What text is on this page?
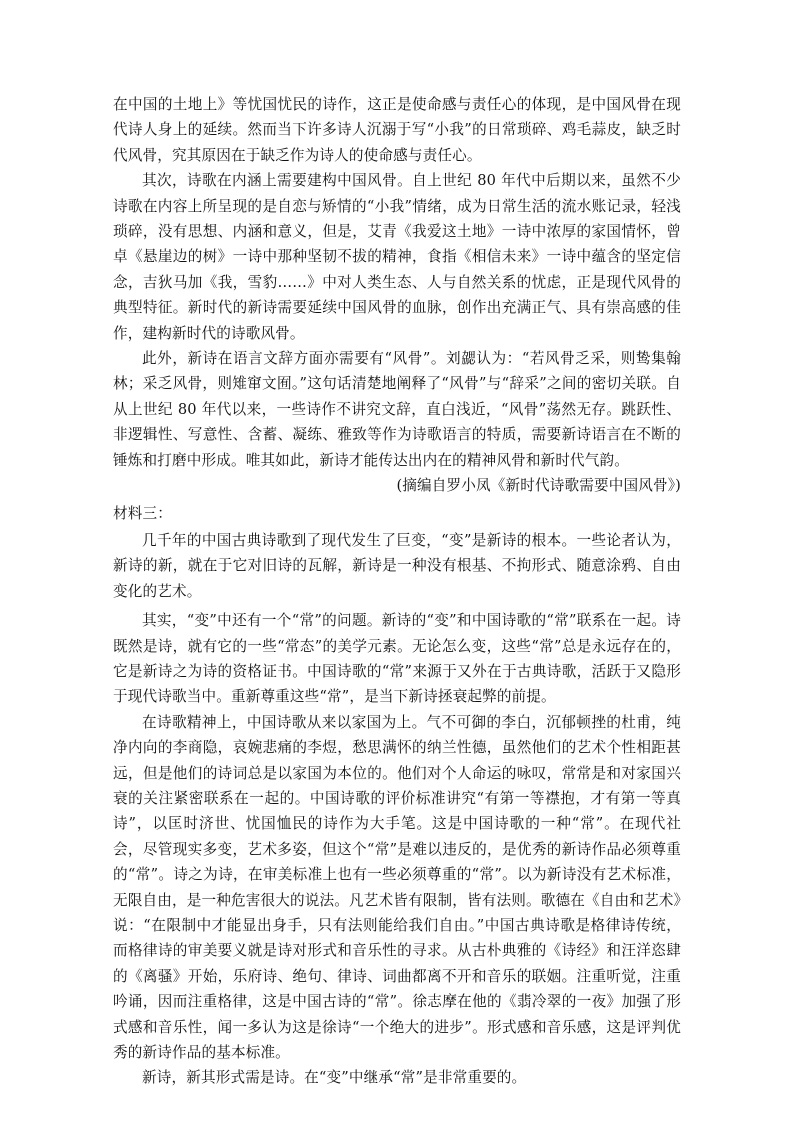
在中国的土地上》等忧国忧民的诗作，这正是使命感与责任心的体现，是中国风骨在现代诗人身上的延续。然而当下许多诗人沉溺于写“小我”的日常琐碎、鸡毛蒜皮，缺乏时代风骨，究其原因在于缺乏作为诗人的使命感与责任心。

其次，诗歌在内涵上需要建构中国风骨。自上世纪 80 年代中后期以来，虽然不少诗歌在内容上所呈现的是自恋与矫情的“小我”情绪，成为日常生活的流水账记录，轻浅琐碎，没有思想、内涵和意义，但是，艾青《我爱这土地》一诗中浓厚的家国情怀，曾卓《悬崖边的树》一诗中那种坚韧不拔的精神，食指《相信未来》一诗中蕴含的坚定信念，吉狄马加《我，雪豹……》中对人类生态、人与自然关系的忧虑，正是现代风骨的典型特征。新时代的新诗需要延续中国风骨的血脉，创作出充满正气、具有崇高感的佳作，建构新时代的诗歌风骨。

此外，新诗在语言文辞方面亦需要有“风骨”。刘勰认为：“若风骨乏采，则鸷集翰林；采乏风骨，则雉窜文囿。”这句话清楚地阐释了“风骨”与“辞采”之间的密切关联。自从上世纪 80 年代以来，一些诗作不讲究文辞，直白浅近，“风骨”荡然无存。跳跃性、非逻辑性、写意性、含蓄、凝练、雅致等作为诗歌语言的特质，需要新诗语言在不断的锤炼和打磨中形成。唯其如此，新诗才能传达出内在的精神风骨和新时代气韵。

(摘编自罗小凤《新时代诗歌需要中国风骨》)

材料三：

几千年的中国古典诗歌到了现代发生了巨变，“变”是新诗的根本。一些论者认为，新诗的新，就在于它对旧诗的瓦解，新诗是一种没有根基、不拘形式、随意涂鸦、自由变化的艺术。

其实，“变”中还有一个“常”的问题。新诗的“变”和中国诗歌的“常”联系在一起。诗既然是诗，就有它的一些“常态”的美学元素。无论怎么变，这些“常”总是永远存在的，它是新诗之为诗的资格证书。中国诗歌的“常”来源于又外在于古典诗歌，活跃于又隐形于现代诗歌当中。重新尊重这些“常”，是当下新诗拯衰起弊的前提。

在诗歌精神上，中国诗歌从来以家国为上。气不可御的李白，沉郁顿挫的杜甫，纯净内向的李商隐，哀婉悲痛的李煜，愁思满怀的纳兰性德，虽然他们的艺术个性相距甚远，但是他们的诗词总是以家国为本位的。他们对个人命运的咏叹，常常是和对家国兴衰的关注紧密联系在一起的。中国诗歌的评价标准讲究“有第一等襟抱，才有第一等真诗”，以匡时济世、忧国恤民的诗作为大手笔。这是中国诗歌的一种“常”。在现代社会，尽管现实多变，艺术多姿，但这个“常”是难以违反的，是优秀的新诗作品必须尊重的“常”。诗之为诗，在审美标准上也有一些必须尊重的“常”。以为新诗没有艺术标准，无限自由，是一种危害很大的说法。凡艺术皆有限制，皆有法则。歌德在《自由和艺术》说：“在限制中才能显出身手，只有法则能给我们自由。”中国古典诗歌是格律诗传统，而格律诗的审美要义就是诗对形式和音乐性的寻求。从古朴典雅的《诗经》和汪洋恣肆的《离骚》开始，乐府诗、绝句、律诗、词曲都离不开和音乐的联姻。注重听觉，注重吟诵，因而注重格律，这是中国古诗的“常”。徐志摩在他的《翡冷翠的一夜》加强了形式感和音乐性，闻一多认为这是徐诗“一个绝大的进步”。形式感和音乐感，这是评判优秀的新诗作品的基本标准。

新诗，新其形式需是诗。在“变”中继承“常”是非常重要的。
